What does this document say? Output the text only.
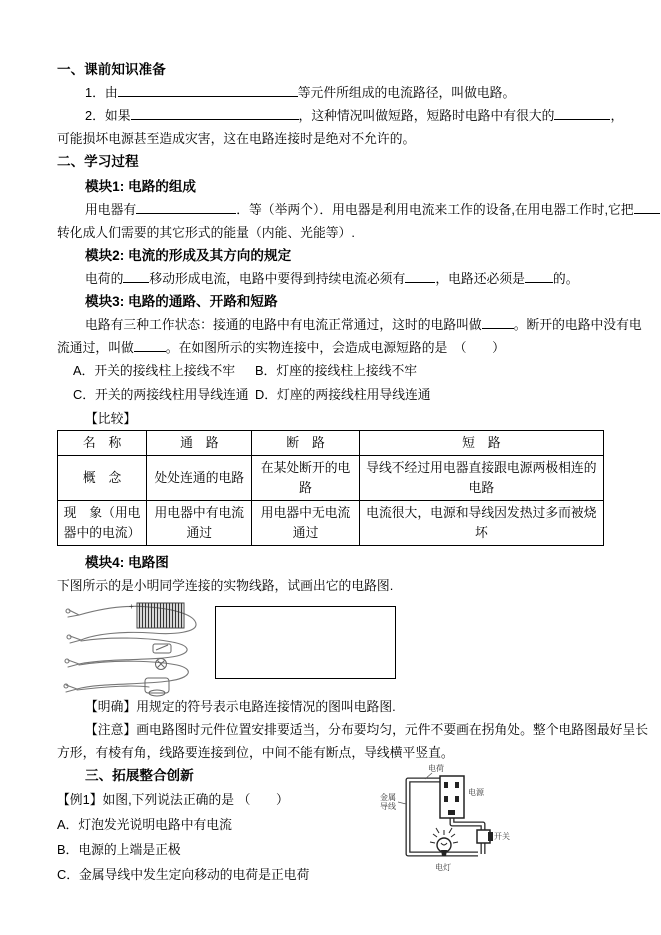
一、课前知识准备

1．由	等元件所组成的电流路径，叫做电路。

2．如果	，这种情况叫做短路，短路时电路中有很大的	，

可能损坏电源甚至造成灾害，这在电路连接时是绝对不允许的。

二、学习过程
模块1: 电路的组成

用电器有	．等（举两个）．用电器是利用电流来工作的设备,在用电器工作时,它把

转化成人们需要的其它形式的能量（内能、光能等）.

模块2: 电流的形成及其方向的规定

电荷的 移动形成电流，电路中要得到持续电流必须有 ，电路还必须是 的。

模块3: 电路的通路、开路和短路

电路有三种工作状态：接通的电路中有电流正常通过，这时的电路叫做	。断开的电路中没有电

流通过，叫做	。在如图所示的实物连接中，会造成电源短路的是　（　　）

A．开关的接线柱上接线不牢 B．灯座的接线柱上接线不牢

C．开关的两接线柱用导线连通 D．灯座的两接线柱用导线连通

【比较】

名　称	通　路	断　路	短　路
概　念	处处连通的电路	在某处断开的电路	导线不经过用电器直接跟电源两极相连的电路
现　象（用电器中的电流）	用电器中有电流通过	用电器中无电流通过	电流很大，电源和导线因发热过多而被烧坏
模块4: 电路图

下图所示的是小明同学连接的实物线路，试画出它的电路图.

+

【明确】用规定的符号表示电路连接情况的图叫电路图.

【注意】画电路图时元件位置安排要适当，分布要均匀，元件不要画在拐角处。整个电路图最好呈长

方形，有棱有角，线路要连接到位，中间不能有断点，导线横平竖直。

三、拓展整合创新

【例1】如图,下列说法正确的是 （　　）

A．灯泡发光说明电路中有电流

B．电源的上端是正极

C．金属导线中发生定向移动的电荷是正电荷

电荷
电源
金属
导线
电灯
开关
